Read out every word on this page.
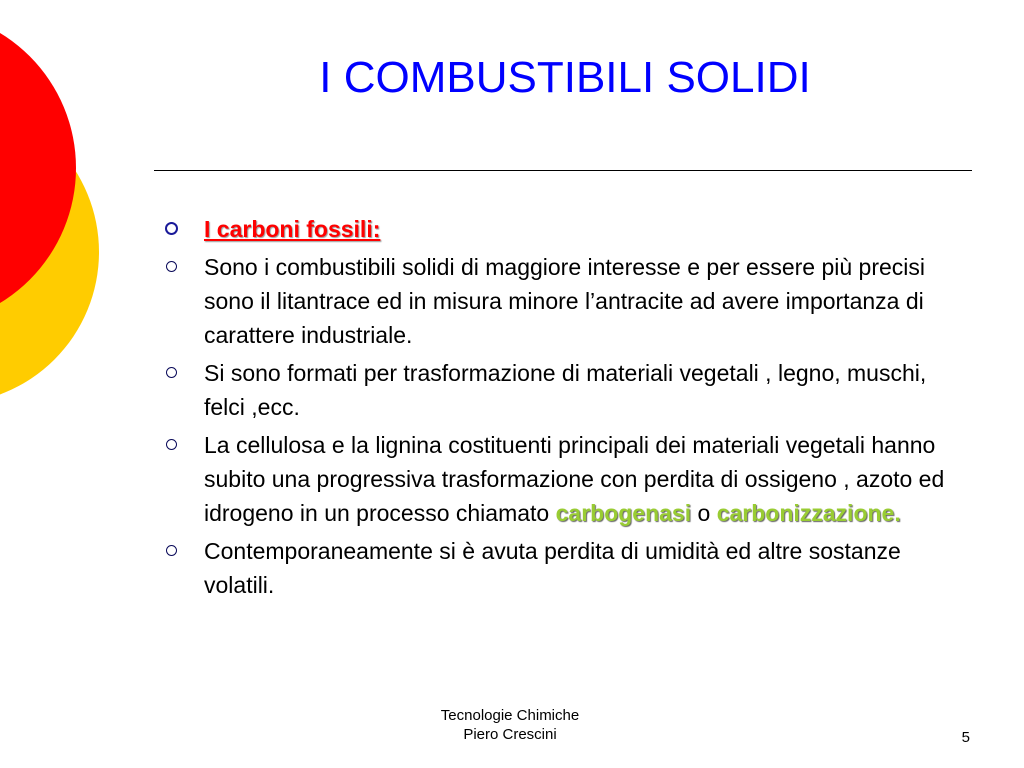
I COMBUSTIBILI SOLIDI
I carboni fossili:
Sono i combustibili solidi di maggiore interesse e per essere più precisi sono il litantrace ed in misura minore l’antracite ad avere importanza di carattere industriale.
Si sono formati per trasformazione di materiali vegetali , legno, muschi, felci ,ecc.
La cellulosa e la lignina costituenti principali dei materiali vegetali hanno subito una progressiva trasformazione con perdita di ossigeno , azoto ed idrogeno in un processo chiamato carbogenasi o carbonizzazione.
Contemporaneamente si è avuta perdita di umidità ed altre sostanze volatili.
Tecnologie Chimiche
Piero Crescini	5
